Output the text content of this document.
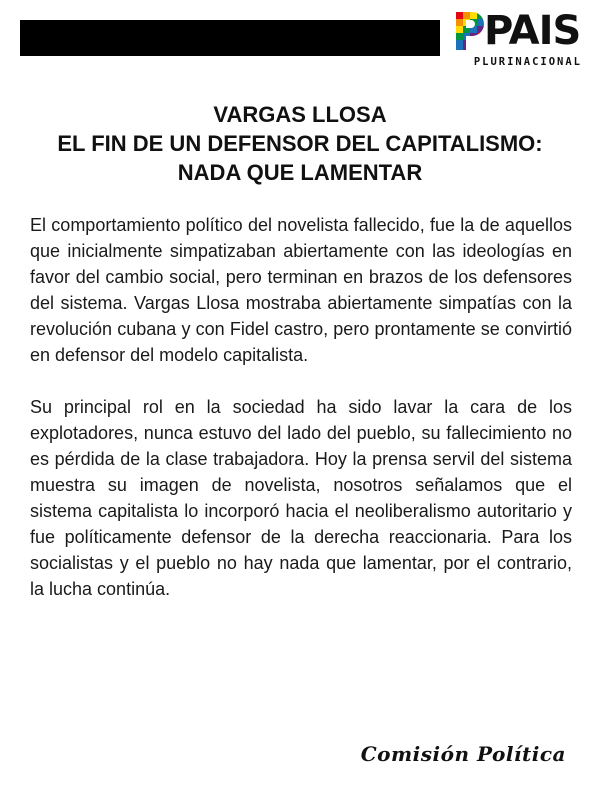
PAIS
PLURINACIONAL
VARGAS LLOSA
EL FIN DE UN DEFENSOR DEL CAPITALISMO:
NADA QUE LAMENTAR

El comportamiento político del novelista fallecido, fue la de aquellos que inicialmente simpatizaban abiertamente con las ideologías en favor del cambio social, pero terminan en brazos de los defensores del sistema. Vargas Llosa mostraba abiertamente simpatías con la revolución cubana y con Fidel castro, pero prontamente se convirtió en defensor del modelo capitalista.

Su principal rol en la sociedad ha sido lavar la cara de los explotadores, nunca estuvo del lado del pueblo, su fallecimiento no es pérdida de la clase trabajadora. Hoy la prensa servil del sistema muestra su imagen de novelista, nosotros señalamos que el sistema capitalista lo incorporó hacia el neoliberalismo autoritario y fue políticamente defensor de la derecha reaccionaria. Para los socialistas y el pueblo no hay nada que lamentar, por el contrario, la lucha continúa.

Comisión Política
